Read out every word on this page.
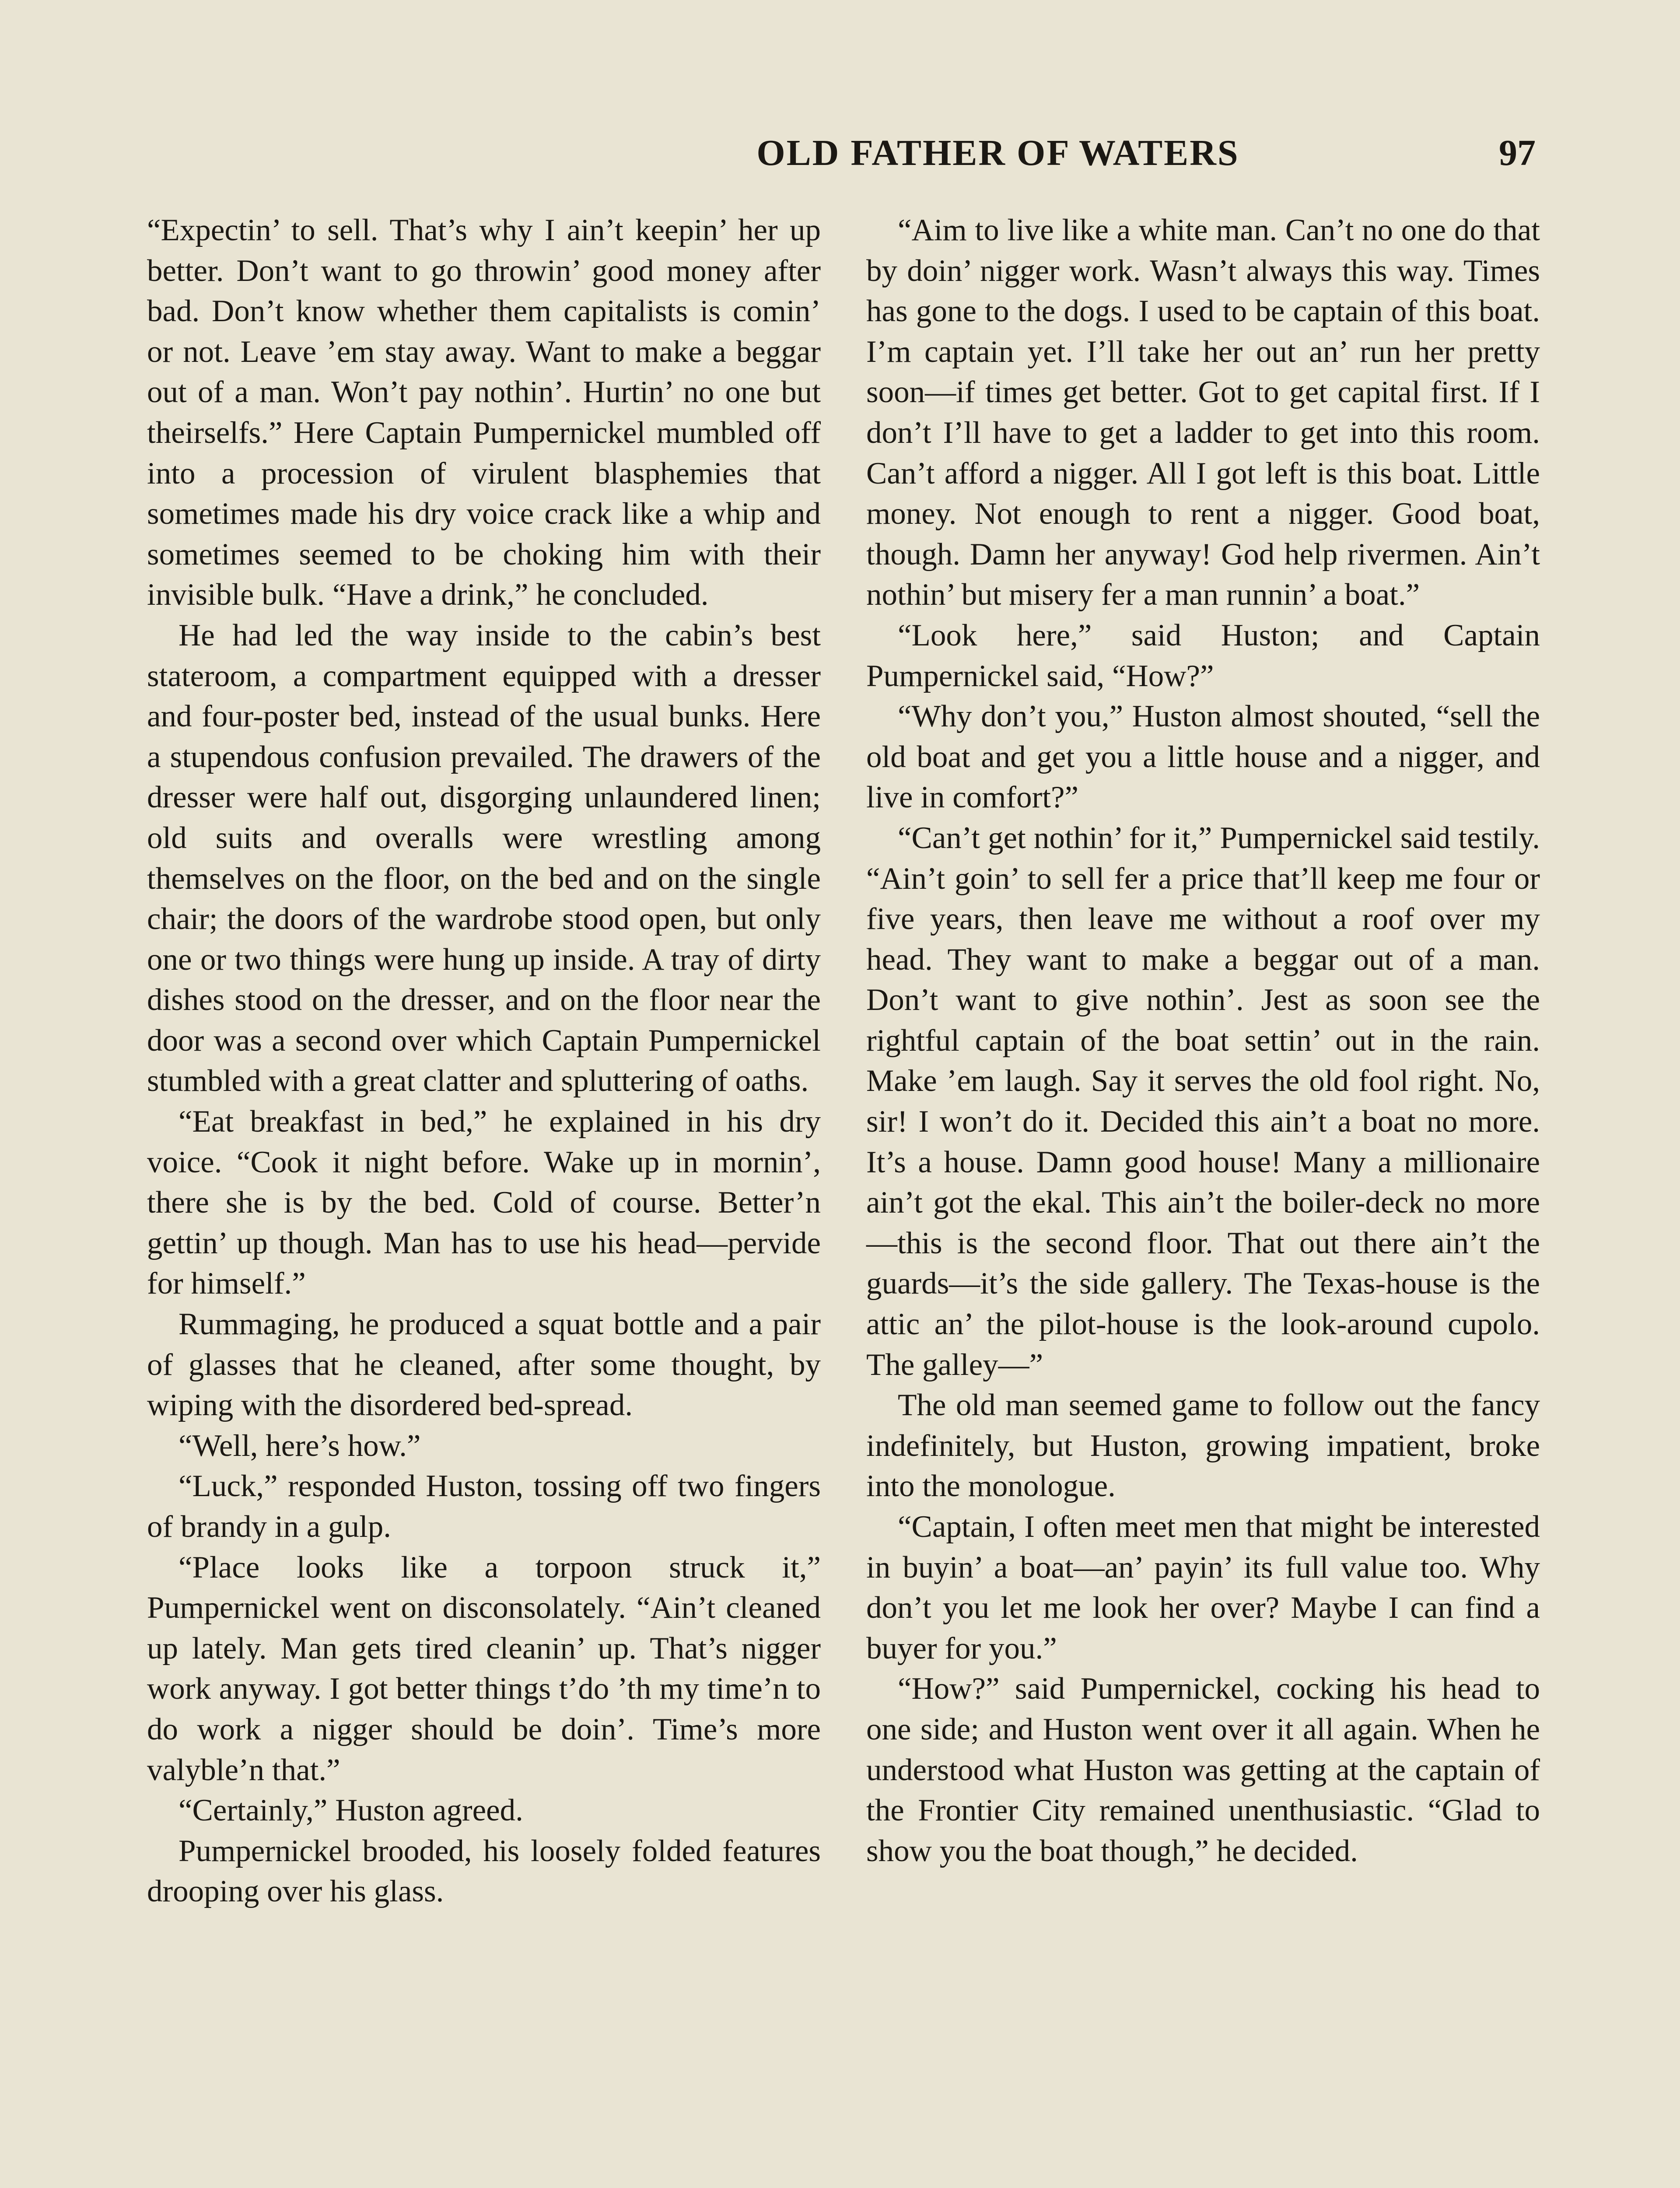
OLD FATHER OF WATERS	97

“Expectin’ to sell. That’s why I ain’t keepin’ her up better. Don’t want to go throwin’ good money after bad. Don’t know whether them capitalists is comin’ or not. Leave ’em stay away. Want to make a beggar out of a man. Won’t pay nothin’. Hurtin’ no one but theirselfs.” Here Captain Pumpernickel mumbled off into a procession of virulent blasphemies that sometimes made his dry voice crack like a whip and sometimes seemed to be choking him with their invisible bulk. “Have a drink,” he concluded.

He had led the way inside to the cabin’s best stateroom, a compartment equipped with a dresser and four-poster bed, instead of the usual bunks. Here a stupendous confusion prevailed. The drawers of the dresser were half out, disgorging unlaundered linen; old suits and overalls were wrestling among themselves on the floor, on the bed and on the single chair; the doors of the wardrobe stood open, but only one or two things were hung up inside. A tray of dirty dishes stood on the dresser, and on the floor near the door was a second over which Captain Pumpernickel stumbled with a great clatter and spluttering of oaths.

“Eat breakfast in bed,” he explained in his dry voice. “Cook it night before. Wake up in mornin’, there she is by the bed. Cold of course. Better’n gettin’ up though. Man has to use his head—pervide for himself.”

Rummaging, he produced a squat bottle and a pair of glasses that he cleaned, after some thought, by wiping with the disordered bed-spread.

“Well, here’s how.”

“Luck,” responded Huston, tossing off two fingers of brandy in a gulp.

“Place looks like a torpoon struck it,” Pumpernickel went on disconsolately. “Ain’t cleaned up lately. Man gets tired cleanin’ up. That’s nigger work anyway. I got better things t’do ’th my time’n to do work a nigger should be doin’. Time’s more valyble’n that.”

“Certainly,” Huston agreed.

Pumpernickel brooded, his loosely folded features drooping over his glass.

“Aim to live like a white man. Can’t no one do that by doin’ nigger work. Wasn’t always this way. Times has gone to the dogs. I used to be captain of this boat. I’m captain yet. I’ll take her out an’ run her pretty soon—if times get better. Got to get capital first. If I don’t I’ll have to get a ladder to get into this room. Can’t afford a nigger. All I got left is this boat. Little money. Not enough to rent a nigger. Good boat, though. Damn her anyway! God help rivermen. Ain’t nothin’ but misery fer a man runnin’ a boat.”

“Look here,” said Huston; and Captain Pumpernickel said, “How?”

“Why don’t you,” Huston almost shouted, “sell the old boat and get you a little house and a nigger, and live in comfort?”

“Can’t get nothin’ for it,” Pumpernickel said testily. “Ain’t goin’ to sell fer a price that’ll keep me four or five years, then leave me without a roof over my head. They want to make a beggar out of a man. Don’t want to give nothin’. Jest as soon see the rightful captain of the boat settin’ out in the rain. Make ’em laugh. Say it serves the old fool right. No, sir! I won’t do it. Decided this ain’t a boat no more. It’s a house. Damn good house! Many a millionaire ain’t got the ekal. This ain’t the boiler-deck no more—this is the second floor. That out there ain’t the guards—it’s the side gallery. The Texas-house is the attic an’ the pilot-house is the look-around cupolo. The galley—”

The old man seemed game to follow out the fancy indefinitely, but Huston, growing impatient, broke into the monologue.

“Captain, I often meet men that might be interested in buyin’ a boat—an’ payin’ its full value too. Why don’t you let me look her over? Maybe I can find a buyer for you.”

“How?” said Pumpernickel, cocking his head to one side; and Huston went over it all again. When he understood what Huston was getting at the captain of the Frontier City remained unenthusiastic. “Glad to show you the boat though,” he decided.
